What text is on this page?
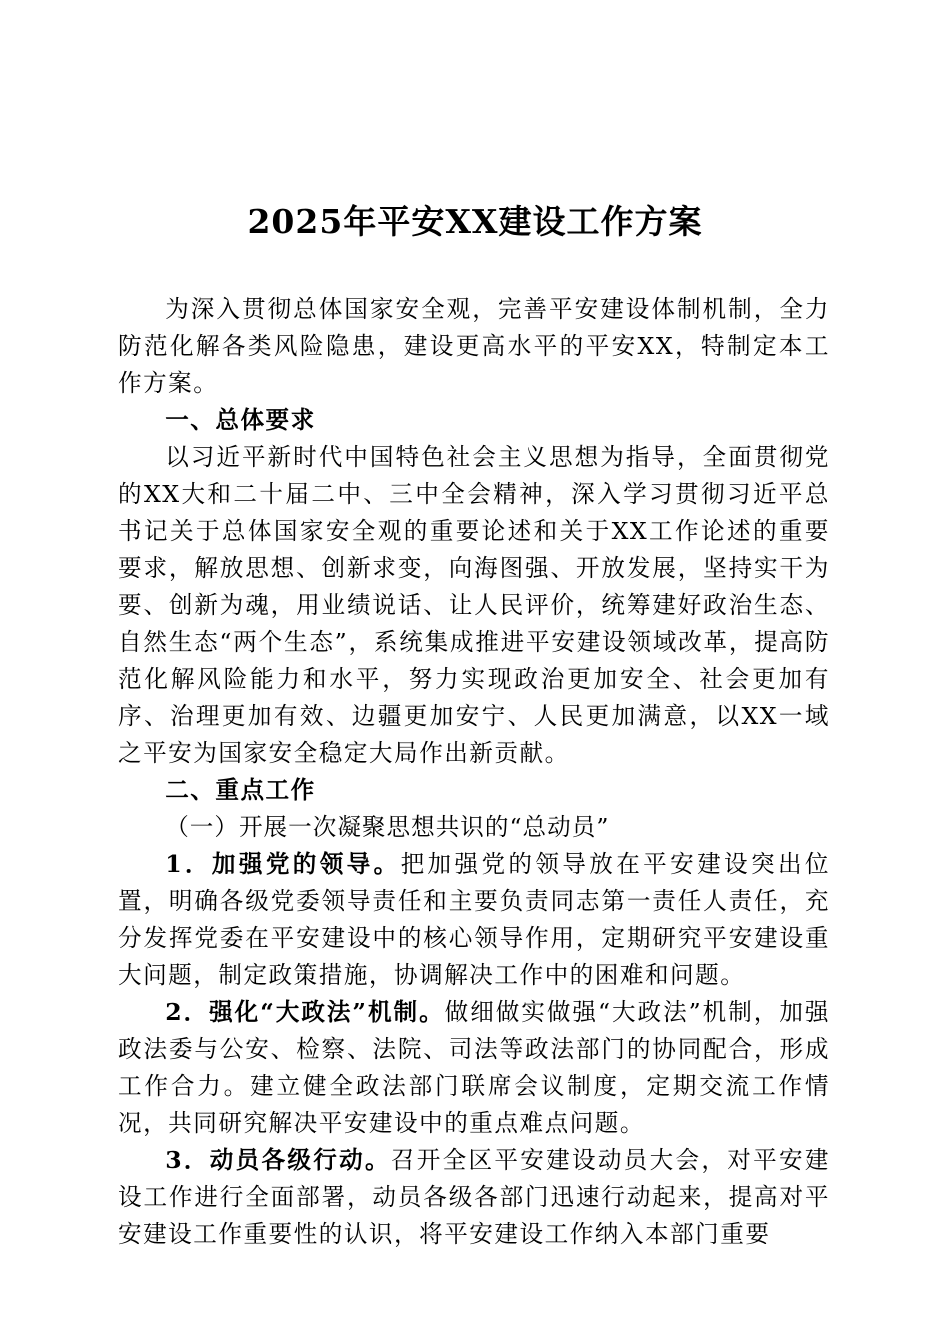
2025年平安XX建设工作方案

为深入贯彻总体国家安全观，完善平安建设体制机制，全力防范化解各类风险隐患，建设更高水平的平安XX，特制定本工作方案。

一、总体要求

以习近平新时代中国特色社会主义思想为指导，全面贯彻党的XX大和二十届二中、三中全会精神，深入学习贯彻习近平总书记关于总体国家安全观的重要论述和关于XX工作论述的重要要求，解放思想、创新求变，向海图强、开放发展，坚持实干为要、创新为魂，用业绩说话、让人民评价，统筹建好政治生态、自然生态“两个生态”，系统集成推进平安建设领域改革，提高防范化解风险能力和水平，努力实现政治更加安全、社会更加有序、治理更加有效、边疆更加安宁、人民更加满意，以XX一域之平安为国家安全稳定大局作出新贡献。

二、重点工作

（一）开展一次凝聚思想共识的“总动员”

1．加强党的领导。把加强党的领导放在平安建设突出位置，明确各级党委领导责任和主要负责同志第一责任人责任，充分发挥党委在平安建设中的核心领导作用，定期研究平安建设重大问题，制定政策措施，协调解决工作中的困难和问题。

2．强化“大政法”机制。做细做实做强“大政法”机制，加强政法委与公安、检察、法院、司法等政法部门的协同配合，形成工作合力。建立健全政法部门联席会议制度，定期交流工作情况，共同研究解决平安建设中的重点难点问题。

3．动员各级行动。召开全区平安建设动员大会，对平安建设工作进行全面部署，动员各级各部门迅速行动起来，提高对平安建设工作重要性的认识，将平安建设工作纳入本部门重要
